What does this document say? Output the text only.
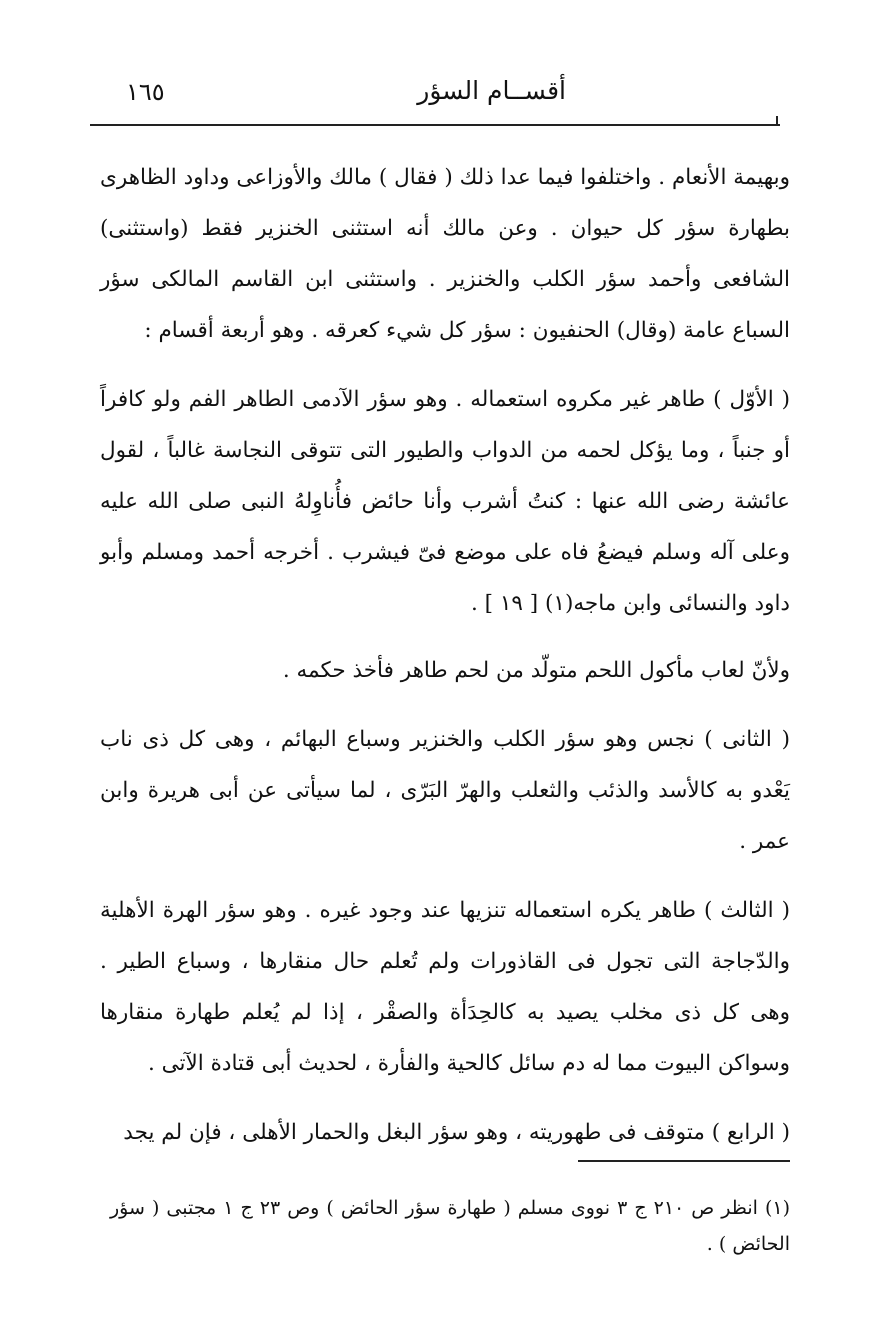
أقســام السؤر
١٦٥

وبهيمة الأنعام . واختلفوا فيما عدا ذلك ( فقال ) مالك والأوزاعى وداود الظاهرى بطهارة سؤر كل حيوان . وعن مالك أنه استثنى الخنزير فقط (واستثنى) الشافعى وأحمد سؤر الكلب والخنزير . واستثنى ابن القاسم المالكى سؤر السباع عامة (وقال) الحنفيون : سؤر كل شيء كعرقه . وهو أربعة أقسام :

( الأوّل ) طاهر غير مكروه استعماله . وهو سؤر الآدمى الطاهر الفم ولو كافراً أو جنباً ، وما يؤكل لحمه من الدواب والطيور التى تتوقى النجاسة غالباً ، لقول عائشة رضى الله عنها : كنتُ أشرب وأنا حائض فأُناوِلهُ النبى صلى الله عليه وعلى آله وسلم فيضعُ فاه على موضع فىّ فيشرب . أخرجه أحمد ومسلم وأبو داود والنسائى وابن ماجه(١) [ ١٩ ] .

ولأنّ لعاب مأكول اللحم متولّد من لحم طاهر فأخذ حكمه .

( الثانى ) نجس وهو سؤر الكلب والخنزير وسباع البهائم ، وهى كل ذى ناب يَعْدو به كالأسد والذئب والثعلب والهرّ البَرّى ، لما سيأتى عن أبى هريرة وابن عمر .

( الثالث ) طاهر يكره استعماله تنزيها عند وجود غيره . وهو سؤر الهرة الأهلية والدّجاجة التى تجول فى القاذورات ولم تُعلم حال منقارها ، وسباع الطير . وهى كل ذى مخلب يصيد به كالحِدَأة والصقْر ، إذا لم يُعلم طهارة منقارها وسواكن البيوت مما له دم سائل كالحية والفأرة ، لحديث أبى قتادة الآتى .

( الرابع ) متوقف فى طهوريته ، وهو سؤر البغل والحمار الأهلى ، فإن لم يجد

(١) انظر ص ٢١٠ ج ٣ نووى مسلم ( طهارة سؤر الحائض ) وص ٢٣ ج ١ مجتبى ( سؤر الحائض ) .
